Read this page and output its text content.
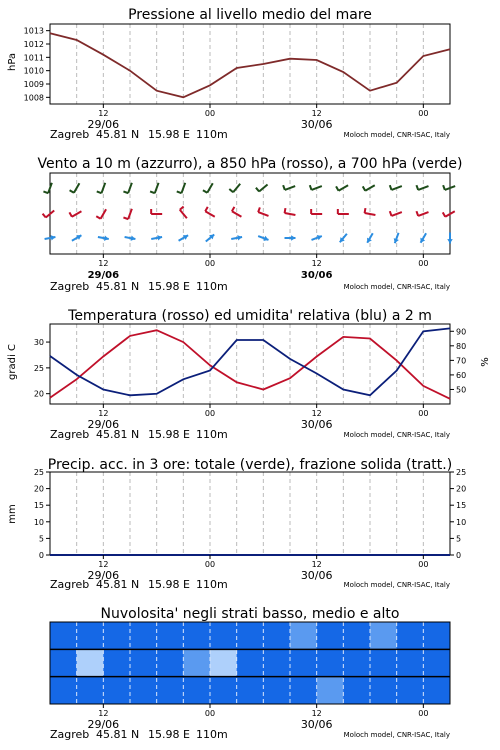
Pressione al livello medio del mare
1008
1009
1010
1011
1012
1013
12
29/06
00	12
30/06
00
Zagreb 45.81 N 15.98 E 110m	Moloch model, CNR-ISAC, Italy
hPa
Vento a 10 m (azzurro), a 850 hPa (rosso), a 700 hPa (verde)
12
29/06
00	12
30/06
00
Zagreb 45.81 N 15.98 E 110m	Moloch model, CNR-ISAC, Italy
Temperatura (rosso) ed umidita' relativa (blu) a 2 m
20
25
30
50
60
70
80
90
12
29/06
00	12
30/06
00
Zagreb 45.81 N 15.98 E 110m	Moloch model, CNR-ISAC, Italy
gradi C	%
Precip. acc. in 3 ore: totale (verde), frazione solida (tratt.)
0	0
5	5
10	10
15	15
20	20
25	25
12
29/06
00	12
30/06
00
Zagreb 45.81 N 15.98 E 110m	Moloch model, CNR-ISAC, Italy
mm
Nuvolosita' negli strati basso, medio e alto
12
29/06
00	12
30/06
00
Zagreb 45.81 N 15.98 E 110m	Moloch model, CNR-ISAC, Italy
